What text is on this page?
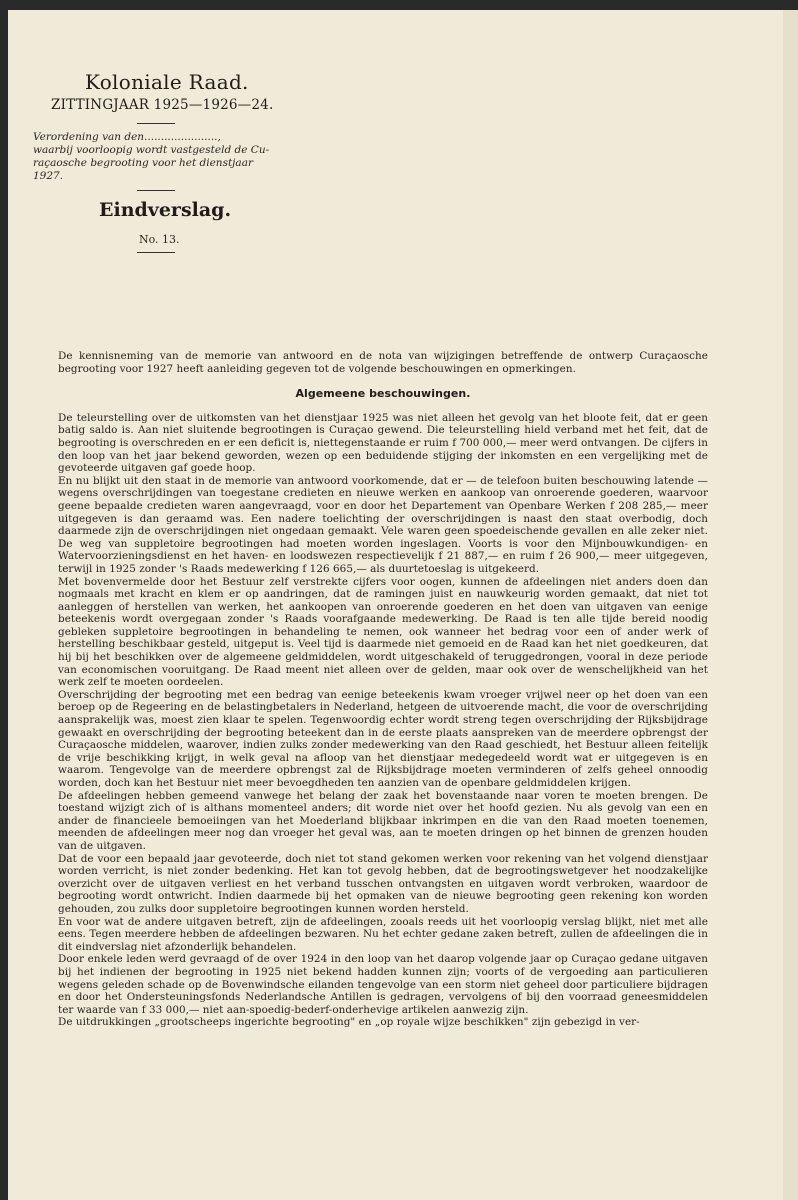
Koloniale Raad.
ZITTINGJAAR 1925—1926—24.
Verordening van den......................,
waarbij voorloopig wordt vastgesteld de Cu-
raçaosche begrooting voor het dienstjaar
1927.
Eindverslag.
No. 13.

De kennisneming van de memorie van antwoord en de nota van wijzigingen betreffende de ontwerp Curaçaosche begrooting voor 1927 heeft aanleiding gegeven tot de volgende beschouwingen en opmerkingen.

Algemeene beschouwingen.

De teleurstelling over de uitkomsten van het dienstjaar 1925 was niet alleen het gevolg van het bloote feit, dat er geen batig saldo is. Aan niet sluitende begrootingen is Curaçao gewend. Die teleurstelling hield verband met het feit, dat de begrooting is overschreden en er een deficit is, niettegenstaande er ruim f 700 000,— meer werd ontvangen. De cijfers in den loop van het jaar bekend geworden, wezen op een beduidende stijging der inkomsten en een vergelijking met de gevoteerde uitgaven gaf goede hoop.

En nu blijkt uit den staat in de memorie van antwoord voorkomende, dat er — de telefoon buiten beschouwing latende — wegens overschrijdingen van toegestane credieten en nieuwe werken en aankoop van onroerende goederen, waarvoor geene bepaalde credieten waren aangevraagd, voor en door het Departement van Openbare Werken f 208 285,— meer uitgegeven is dan geraamd was. Een nadere toelichting der overschrijdingen is naast den staat overbodig, doch daarmede zijn de overschrijdingen niet ongedaan gemaakt. Vele waren geen spoedeischende gevallen en alle zeker niet. De weg van suppletoire begrootingen had moeten worden ingeslagen. Voorts is voor den Mijnbouwkundigen- en Watervoorzieningsdienst en het haven- en loodswezen respectievelijk f 21 887,— en ruim f 26 900,— meer uitgegeven, terwijl in 1925 zonder 's Raads medewerking f 126 665,— als duurtetoeslag is uitgekeerd.

Met bovenvermelde door het Bestuur zelf verstrekte cijfers voor oogen, kunnen de afdeelingen niet anders doen dan nogmaals met kracht en klem er op aandringen, dat de ramingen juist en nauwkeurig worden gemaakt, dat niet tot aanleggen of herstellen van werken, het aankoopen van onroerende goederen en het doen van uitgaven van eenige beteekenis wordt overgegaan zonder 's Raads voorafgaande medewerking. De Raad is ten alle tijde bereid noodig gebleken suppletoire begrootingen in behandeling te nemen, ook wanneer het bedrag voor een of ander werk of herstelling beschikbaar gesteld, uitgeput is. Veel tijd is daarmede niet gemoeid en de Raad kan het niet goedkeuren, dat hij bij het beschikken over de algemeene geldmiddelen, wordt uitgeschakeld of teruggedrongen, vooral in deze periode van economischen vooruitgang. De Raad meent niet alleen over de gelden, maar ook over de wenschelijkheid van het werk zelf te moeten oordeelen.

Overschrijding der begrooting met een bedrag van eenige beteekenis kwam vroeger vrijwel neer op het doen van een beroep op de Regeering en de belastingbetalers in Nederland, hetgeen de uitvoerende macht, die voor de overschrijding aansprakelijk was, moest zien klaar te spelen. Tegenwoordig echter wordt streng tegen overschrijding der Rijksbijdrage gewaakt en overschrijding der begrooting beteekent dan in de eerste plaats aanspreken van de meerdere opbrengst der Curaçaosche middelen, waarover, indien zulks zonder medewerking van den Raad geschiedt, het Bestuur alleen feitelijk de vrije beschikking krijgt, in welk geval na afloop van het dienstjaar medegedeeld wordt wat er uitgegeven is en waarom. Tengevolge van de meerdere opbrengst zal de Rijksbijdrage moeten verminderen of zelfs geheel onnoodig worden, doch kan het Bestuur niet meer bevoegdheden ten aanzien van de openbare geldmiddelen krijgen.

De afdeelingen hebben gemeend vanwege het belang der zaak het bovenstaande naar voren te moeten brengen. De toestand wijzigt zich of is althans momenteel anders; dit worde niet over het hoofd gezien. Nu als gevolg van een en ander de financieele bemoeiingen van het Moederland blijkbaar inkrimpen en die van den Raad moeten toenemen, meenden de afdeelingen meer nog dan vroeger het geval was, aan te moeten dringen op het binnen de grenzen houden van de uitgaven.

Dat de voor een bepaald jaar gevoteerde, doch niet tot stand gekomen werken voor rekening van het volgend dienstjaar worden verricht, is niet zonder bedenking. Het kan tot gevolg hebben, dat de begrootingswetgever het noodzakelijke overzicht over de uitgaven verliest en het verband tusschen ontvangsten en uitgaven wordt verbroken, waardoor de begrooting wordt ontwricht. Indien daarmede bij het opmaken van de nieuwe begrooting geen rekening kon worden gehouden, zou zulks door suppletoire begrootingen kunnen worden hersteld.

En voor wat de andere uitgaven betreft, zijn de afdeelingen, zooals reeds uit het voorloopig verslag blijkt, niet met alle eens. Tegen meerdere hebben de afdeelingen bezwaren. Nu het echter gedane zaken betreft, zullen de afdeelingen die in dit eindverslag niet afzonderlijk behandelen.

Door enkele leden werd gevraagd of de over 1924 in den loop van het daarop volgende jaar op Curaçao gedane uitgaven bij het indienen der begrooting in 1925 niet bekend hadden kunnen zijn; voorts of de vergoeding aan particulieren wegens geleden schade op de Bovenwindsche eilanden tengevolge van een storm niet geheel door particuliere bijdragen en door het Ondersteuningsfonds Nederlandsche Antillen is gedragen, vervolgens of bij den voorraad geneesmiddelen ter waarde van f 33 000,— niet aan-spoedig-bederf-onderhevige artikelen aanwezig zijn.

De uitdrukkingen „grootscheeps ingerichte begrooting" en „op royale wijze beschikken" zijn gebezigd in ver-
